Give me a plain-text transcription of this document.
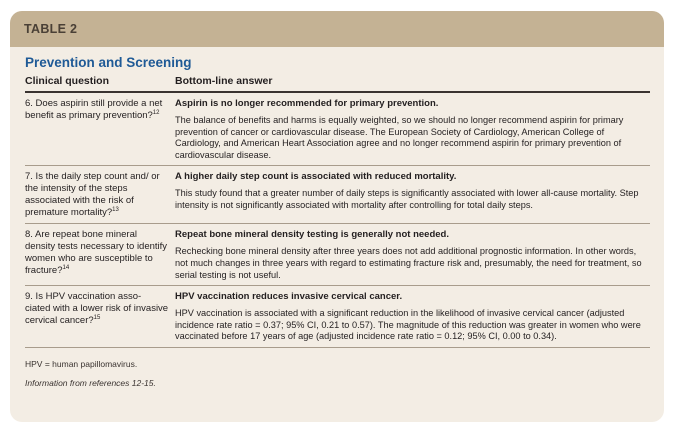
TABLE 2
Prevention and Screening
Clinical question	Bottom-line answer
6. Does aspirin still provide a net benefit as primary prevention?$^{12}$
Aspirin is no longer recommended for primary prevention.
The balance of benefits and harms is equally weighted, so we should no longer recommend aspirin for primary prevention of cancer or cardiovascular disease. The European Society of Cardiology, American College of Cardiology, and American Heart Association agree and no longer recommend aspirin for primary prevention of cardiovascular disease.
7. Is the daily step count and/ or the intensity of the steps associated with the risk of premature mortality?$^{13}$
A higher daily step count is associated with reduced mortality.
This study found that a greater number of daily steps is significantly associated with lower all-cause mortality. Step intensity is not significantly associated with mortality after controlling for total daily steps.
8. Are repeat bone mineral density tests necessary to identify women who are susceptible to fracture?$^{14}$
Repeat bone mineral density testing is generally not needed.
Rechecking bone mineral density after three years does not add additional prognostic information. In other words, not much changes in three years with regard to estimating fracture risk and, presumably, the need for treatment, so serial testing is not useful.
9. Is HPV vaccination asso- ciated with a lower risk of invasive cervical cancer?$^{15}$
HPV vaccination reduces invasive cervical cancer.
HPV vaccination is associated with a significant reduction in the likelihood of invasive cervical cancer (adjusted incidence rate ratio = 0.37; 95% CI, 0.21 to 0.57). The magnitude of this reduction was greater in women who were vaccinated before 17 years of age (adjusted incidence rate ratio = 0.12; 95% CI, 0.00 to 0.34).
HPV = human papillomavirus.
Information from references 12-15.
